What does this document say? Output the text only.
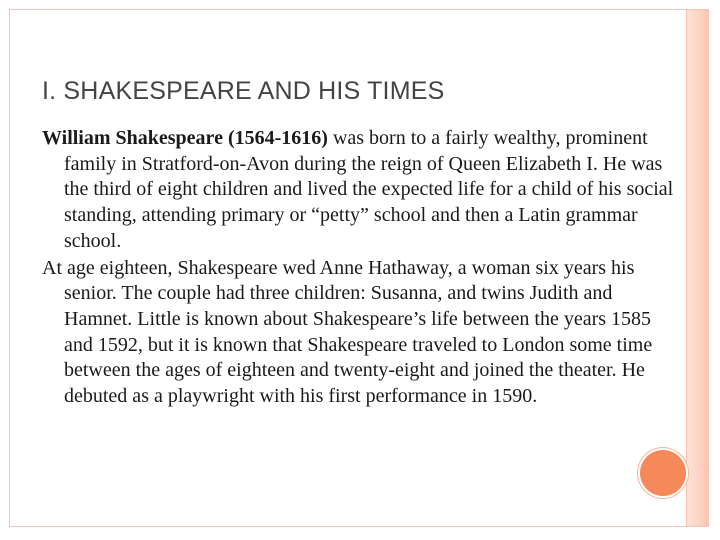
I. SHAKESPEARE AND HIS TIMES

William Shakespeare (1564-1616) was born to a fairly wealthy, prominent family in Stratford-on-Avon during the reign of Queen Elizabeth I. He was the third of eight children and lived the expected life for a child of his social standing, attending primary or “petty” school and then a Latin grammar school.

At age eighteen, Shakespeare wed Anne Hathaway, a woman six years his senior. The couple had three children: Susanna, and twins Judith and Hamnet. Little is known about Shakespeare’s life between the years 1585 and 1592, but it is known that Shakespeare traveled to London some time between the ages of eighteen and twenty-eight and joined the theater. He debuted as a playwright with his first performance in 1590.
